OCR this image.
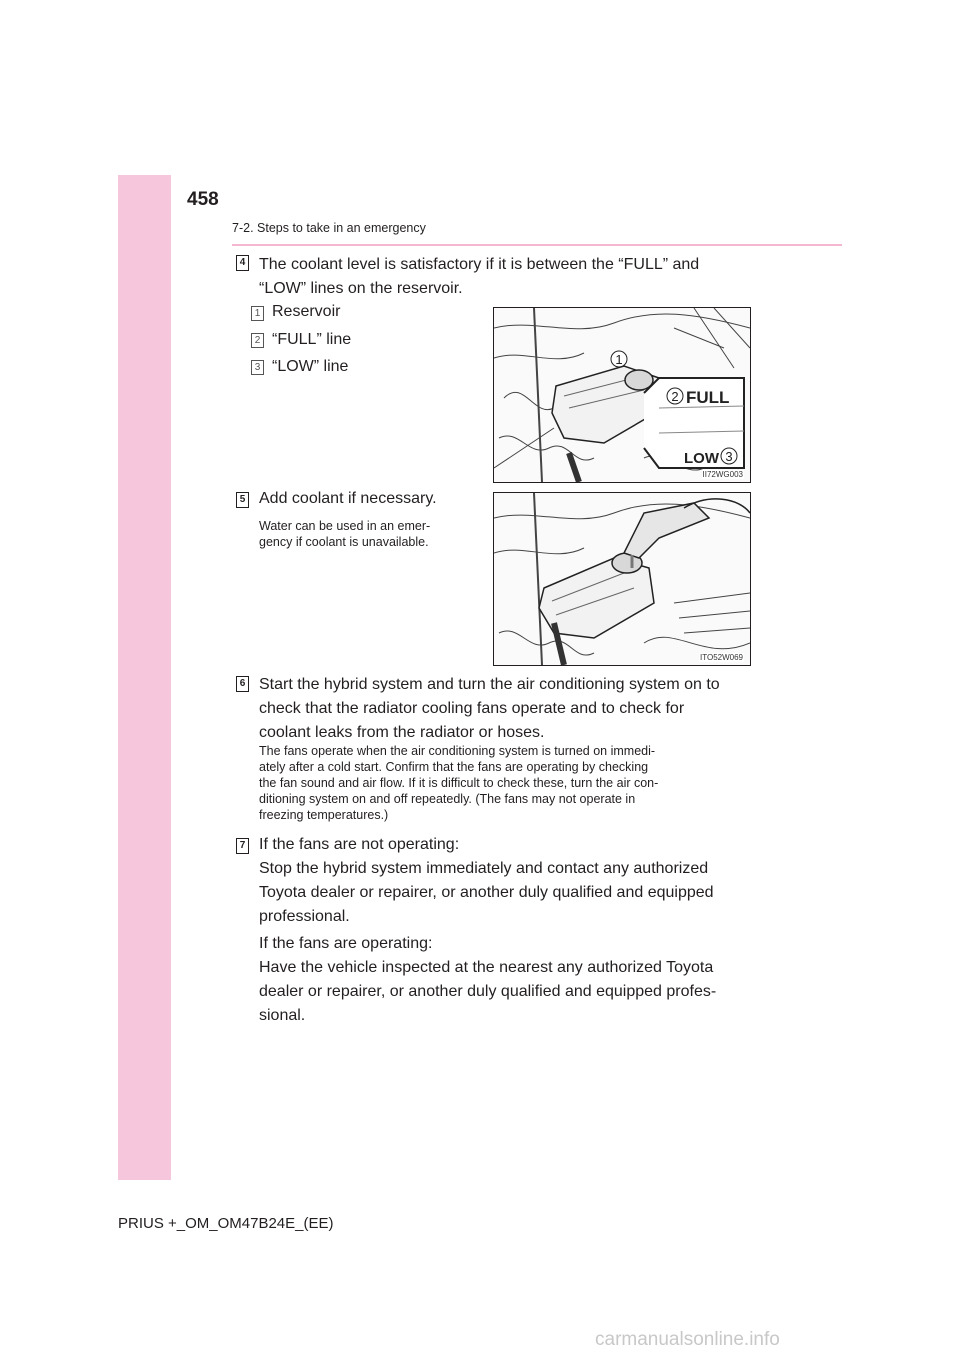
458
7-2. Steps to take in an emergency
4 The coolant level is satisfactory if it is between the “FULL” and
“LOW” lines on the reservoir.
1 Reservoir
2 “FULL” line
3 “LOW” line	1
2 FULL
LOW 3
II72WG003
5 Add coolant if necessary.
Water can be used in an emer-
gency if coolant is unavailable.
ITO52W069
6 Start the hybrid system and turn the air conditioning system on to
check that the radiator cooling fans operate and to check for
coolant leaks from the radiator or hoses.
The fans operate when the air conditioning system is turned on immedi-
ately after a cold start. Confirm that the fans are operating by checking
the fan sound and air flow. If it is difficult to check these, turn the air con-
ditioning system on and off repeatedly. (The fans may not operate in
freezing temperatures.)
7 If the fans are not operating:
Stop the hybrid system immediately and contact any authorized
Toyota dealer or repairer, or another duly qualified and equipped
professional.
If the fans are operating:
Have the vehicle inspected at the nearest any authorized Toyota
dealer or repairer, or another duly qualified and equipped profes-
sional.
PRIUS +_OM_OM47B24E_(EE)
carmanualsonline.info
